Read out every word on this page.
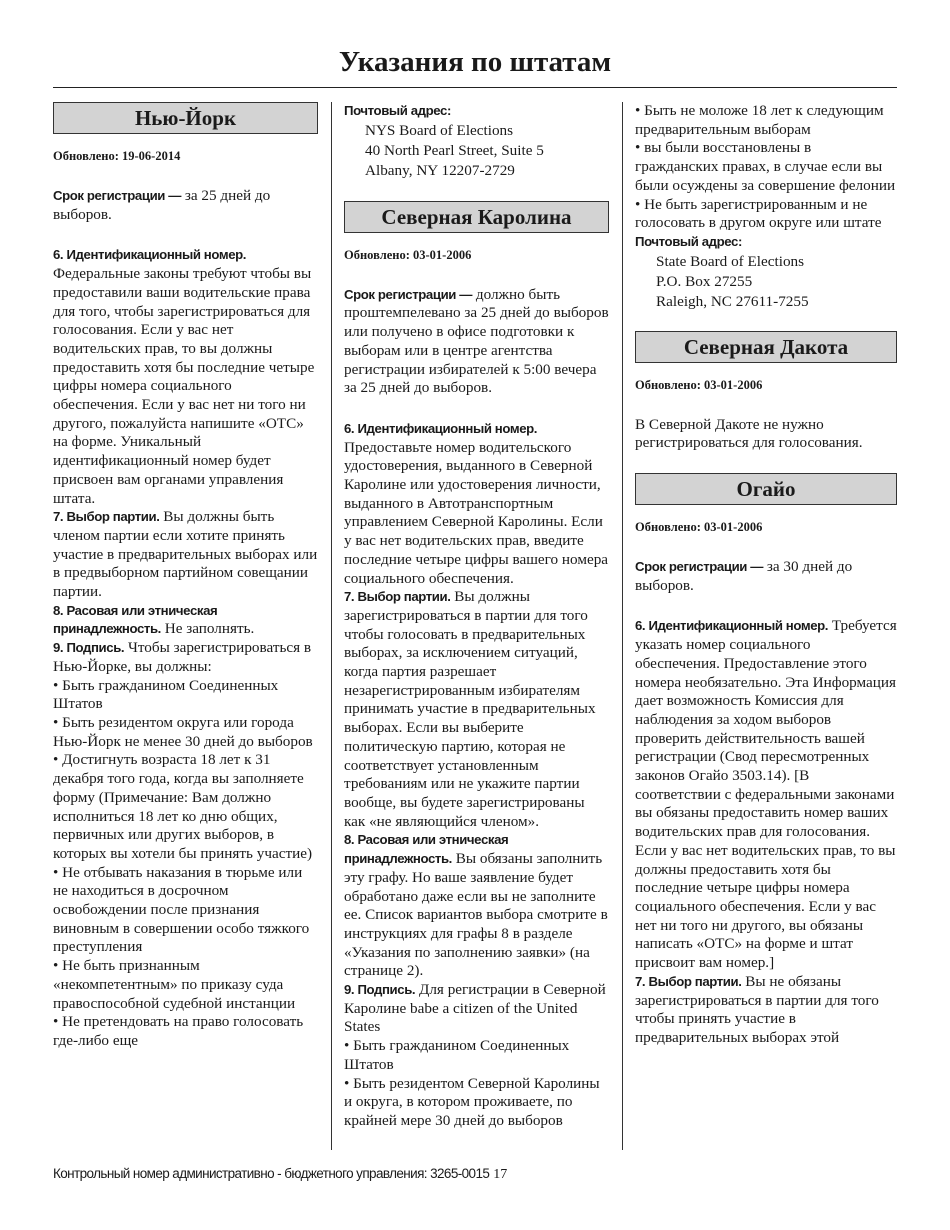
Указания по штатам
Нью-Йорк

Обновлено: 19-06-2014

Срок регистрации — за 25 дней до выборов.

6. Идентификационный номер.
Федеральные законы требуют чтобы вы предоставили ваши водительские права для того, чтобы зарегистрироваться для голосования. Если у вас нет водительских прав, то вы должны предоставить хотя бы последние четыре цифры номера социального обеспечения. Если у вас нет ни того ни другого, пожалуйста напишите «OTC» на форме. Уникальный идентификационный номер будет присвоен вам органами управления штата.

7. Выбор партии. Вы должны быть членом партии если хотите принять участие в предварительных выборах или в предвыборном партийном совещании партии.

8. Расовая или этническая принадлежность. Не заполнять.

9. Подпись. Чтобы зарегистрироваться в Нью-Йорке, вы должны:

• Быть гражданином Соединенных Штатов
• Быть резидентом округа или города Нью-Йорк не менее 30 дней до выборов
• Достигнуть возраста 18 лет к 31 декабря того года, когда вы заполняете форму (Примечание: Вам должно исполниться 18 лет ко дню общих, первичных или других выборов, в которых вы хотели бы принять участие)
• Не отбывать наказания в тюрьме или не находиться в досрочном освобождении после признания виновным в совершении особо тяжкого преступления
• Не быть признанным «некомпетентным» по приказу суда правоспособной судебной инстанции
• Не претендовать на право голосовать где-либо еще

Почтовый адрес:

NYS Board of Elections
40 North Pearl Street, Suite 5
Albany, NY 12207-2729
Северная Каролина

Обновлено: 03-01-2006

Срок регистрации — должно быть проштемпелевано за 25 дней до выборов или получено в офисе подготовки к выборам или в центре агентства регистрации избирателей к 5:00 вечера за 25 дней до выборов.

6. Идентификационный номер. Предоставьте номер водительского удостоверения, выданного в Северной Каролине или удостоверения личности, выданного в Автотранспортным управлением Северной Каролины. Если у вас нет водительских прав, введите последние четыре цифры вашего номера социального обеспечения.

7. Выбор партии. Вы должны зарегистрироваться в партии для того чтобы голосовать в предварительных выборах, за исключением ситуаций, когда партия разрешает незарегистрированным избирателям принимать участие в предварительных выборах. Если вы выберите политическую партию, которая не соответствует установленным требованиям или не укажите партии вообще, вы будете зарегистрированы как «не являющийся членом».

8. Расовая или этническая принадлежность. Вы обязаны заполнить эту графу. Но ваше заявление будет обработано даже если вы не заполните ее. Список вариантов выбора смотрите в инструкциях для графы 8 в разделе «Указания по заполнению заявки» (на странице 2).

9. Подпись. Для регистрации в Северной Каролине babe a citizen of the United States

• Быть гражданином Соединенных Штатов
• Быть резидентом Северной Каролины и округа, в котором проживаете, по крайней мере 30 дней до выборов
• Быть не моложе 18 лет к следующим предварительным выборам
• вы были восстановлены в гражданских правах, в случае если вы были осуждены за совершение фелонии
• Не быть зарегистрированным и не голосовать в другом округе или штате

Почтовый адрес:

State Board of Elections
P.O. Box 27255
Raleigh, NC 27611-7255
Северная Дакота

Обновлено: 03-01-2006

В Северной Дакоте не нужно регистрироваться для голосования.

Огайо

Обновлено: 03-01-2006

Срок регистрации — за 30 дней до выборов.

6. Идентификационный номер. Требуется указать номер социального обеспечения. Предоставление этого номера необязательно. Эта Информация дает возможность Комиссия для наблюдения за ходом выборов проверить действительность вашей регистрации (Свод пересмотренных законов Огайо 3503.14). [В соответствии с федеральными законами вы обязаны предоставить номер ваших водительских прав для голосования. Если у вас нет водительских прав, то вы должны предоставить хотя бы последние четыре цифры номера социального обеспечения. Если у вас нет ни того ни другого, вы обязаны написать «OTC» на форме и штат присвоит вам номер.]

7. Выбор партии. Вы не обязаны зарегистрироваться в партии для того чтобы принять участие в предварительных выборах этой

Контрольный номер административно - бюджетного управления: 3265-0015 17
